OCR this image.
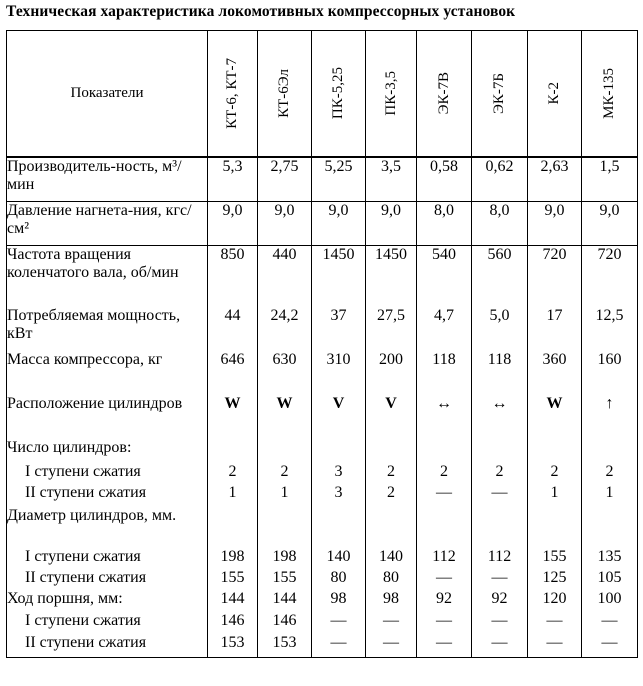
Техническая характеристика локомотивных компрессорных установок
Показатели	КТ-6, КТ-7	КТ-6Эл	ПК-5,25	ПК-3,5	ЭК-7В	ЭК-7Б	К-2	МК-135

Производитель-ность, м³/мин	5,3	2,75	5,25	3,5	0,58	0,62	2,63	1,5
Давление нагнета-ния, кгс/см²	9,0	9,0	9,0	9,0	8,0	8,0	9,0	9,0
Частота вращения коленчатого вала, об/мин	850	440	1450	1450	540	560	720	720
Потребляемая мощность, кВт	44	24,2	37	27,5	4,7	5,0	17	12,5
Масса компрессора, кг	646	630	310	200	118	118	360	160
Расположение цилиндров	W	W	V	V	↔	↔	W	↑
Число цилиндров:								
I ступени сжатия	2	2	3	2	2	2	2	2
II ступени сжатия	1	1	3	2	—	—	1	1
Диаметр цилиндров, мм.								
I ступени сжатия	198	198	140	140	112	112	155	135
II ступени сжатия	155	155	80	80	—	—	125	105
Ход поршня, мм:	144	144	98	98	92	92	120	100
I ступени сжатия	146	146	—	—	—	—	—	—
II ступени сжатия	153	153	—	—	—	—	—	—
